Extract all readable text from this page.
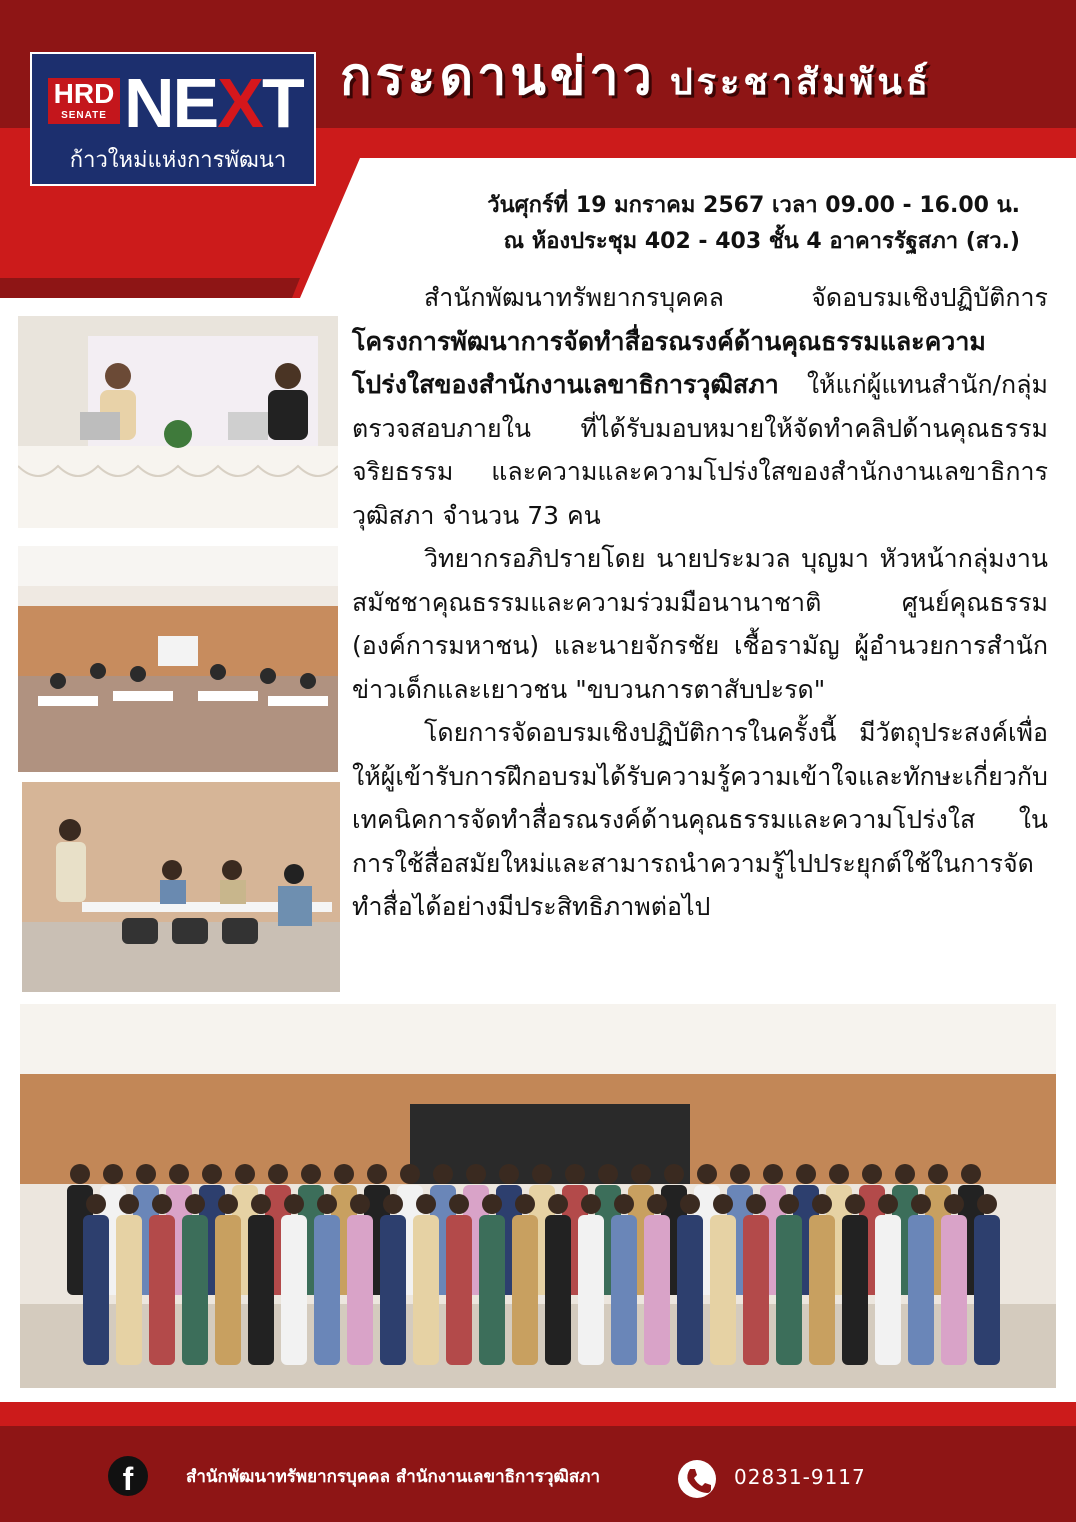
HRD
SENATE NEXT
ก้าวใหม่แห่งการพัฒนา
กระดานข่าว ประชาสัมพันธ์
วันศุกร์ที่ 19 มกราคม 2567 เวลา 09.00 - 16.00 น.
ณ ห้องประชุม 402 - 403 ชั้น 4 อาคารรัฐสภา (สว.)

สำนักพัฒนาทรัพยากรบุคคล จัดอบรมเชิงปฏิบัติการ โครงการพัฒนาการจัดทำสื่อรณรงค์ด้านคุณธรรมและความโปร่งใสของสำนักงานเลขาธิการวุฒิสภา ให้แก่ผู้แทนสำนัก/กลุ่มตรวจสอบภายใน ที่ได้รับมอบหมายให้จัดทำคลิปด้านคุณธรรม จริยธรรม และความและความโปร่งใสของสำนักงานเลขาธิการวุฒิสภา จำนวน 73 คน

วิทยากรอภิปรายโดย นายประมวล บุญมา หัวหน้ากลุ่มงานสมัชชาคุณธรรมและความร่วมมือนานาชาติ ศูนย์คุณธรรม (องค์การมหาชน) และนายจักรชัย เชื้อรามัญ ผู้อำนวยการสำนักข่าวเด็กและเยาวชน "ขบวนการตาสับปะรด"

โดยการจัดอบรมเชิงปฏิบัติการในครั้งนี้ มีวัตถุประสงค์เพื่อให้ผู้เข้ารับการฝึกอบรมได้รับความรู้ความเข้าใจและทักษะเกี่ยวกับเทคนิคการจัดทำสื่อรณรงค์ด้านคุณธรรมและความโปร่งใส ในการใช้สื่อสมัยใหม่และสามารถนำความรู้ไปประยุกต์ใช้ในการจัดทำสื่อได้อย่างมีประสิทธิภาพต่อไป

f	สำนักพัฒนาทรัพยากรบุคคล สำนักงานเลขาธิการวุฒิสภา	02831-9117
